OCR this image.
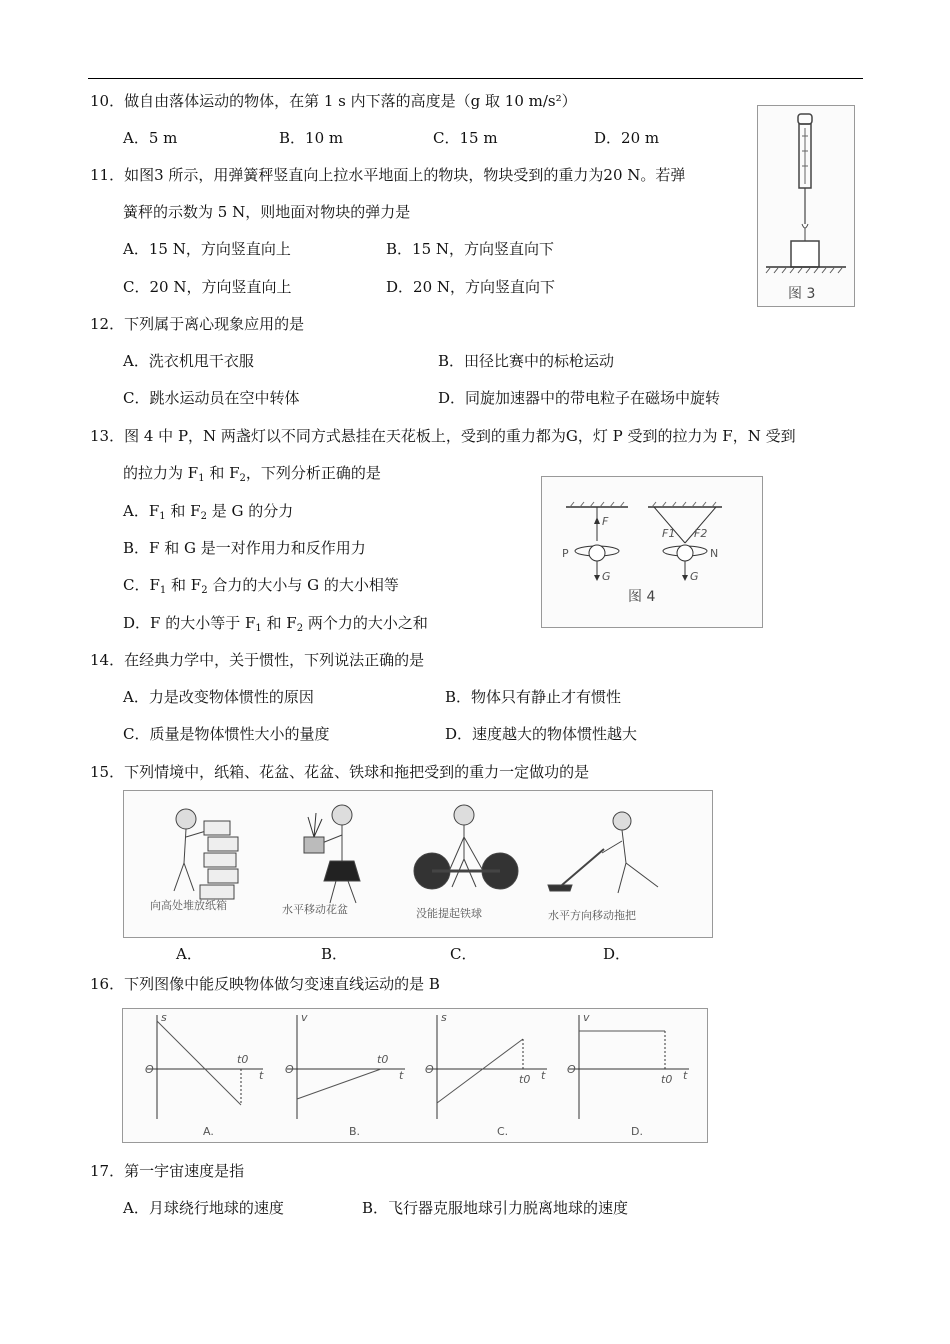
10．做自由落体运动的物体，在第 1 s 内下落的高度是（g 取 10 m/s²）
A．5 m	B．10 m	C．15 m	D．20 m
图 3
11．如图3 所示，用弹簧秤竖直向上拉水平地面上的物块，物块受到的重力为20 N。若弹
簧秤的示数为 5 N，则地面对物块的弹力是
A．15 N，方向竖直向上	B．15 N，方向竖直向下
C．20 N，方向竖直向上	D．20 N，方向竖直向下
12．下列属于离心现象应用的是
A．洗衣机甩干衣服	B．田径比赛中的标枪运动
C．跳水运动员在空中转体	D．同旋加速器中的带电粒子在磁场中旋转
13．图 4 中 P，N 两盏灯以不同方式悬挂在天花板上，受到的重力都为G，灯 P 受到的拉力为 F，N 受到
的拉力为 $F_1$ 和 $F_2$，下列分析正确的是
A．$F_1$ 和 $F_2$ 是 G 的分力
B．F 和 G 是一对作用力和反作用力
C．$F_1$ 和 $F_2$ 合力的大小与 G 的大小相等
D．F 的大小等于 $F_1$ 和 $F_2$ 两个力的大小之和
F
G
P
F1 F2
G
N
图 4
14．在经典力学中，关于惯性，下列说法正确的是
A．力是改变物体惯性的原因	B．物体只有静止才有惯性
C．质量是物体惯性大小的量度	D．速度越大的物体惯性越大
15．下列情境中，纸箱、花盆、花盆、铁球和拖把受到的重力一定做功的是
向高处堆放纸箱	水平移动花盆	没能提起铁球	水平方向移动拖把
A．	B．	C．	D．
16．下列图像中能反映物体做匀变速直线运动的是 B
s
O
t0
t
A.
v
O
t0
t
B.
s
O
t0 t
C.
v
O
t0 t
D.
17．第一宇宙速度是指
A．月球绕行地球的速度	B．飞行器克服地球引力脱离地球的速度
